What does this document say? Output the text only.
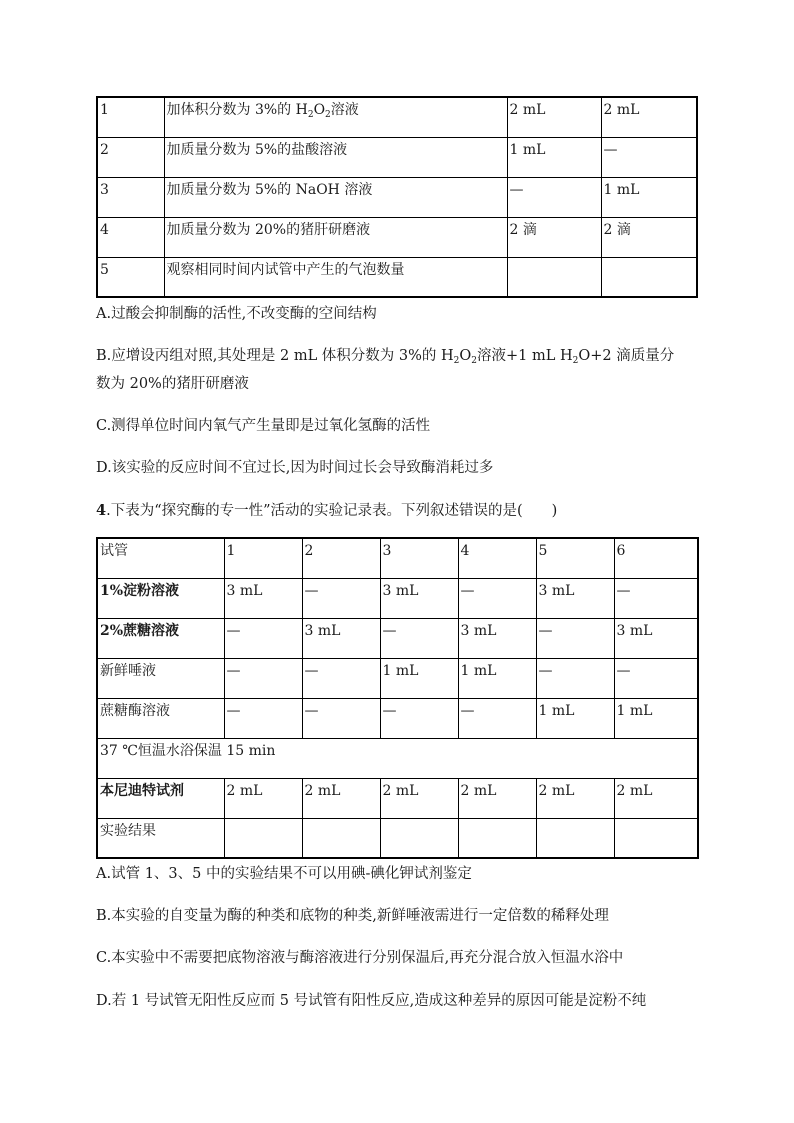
1	加体积分数为 3%的 $H_2O_2$溶液	2 mL	2 mL
2	加质量分数为 5%的盐酸溶液	1 mL	—
3	加质量分数为 5%的 NaOH 溶液	—	1 mL
4	加质量分数为 20%的猪肝研磨液	2 滴	2 滴
5	观察相同时间内试管中产生的气泡数量		
A.过酸会抑制酶的活性,不改变酶的空间结构
B.应增设丙组对照,其处理是 2 mL 体积分数为 3%的 $H_2O_2$溶液+1 mL $H_2O+2$ 滴质量分
数为 20%的猪肝研磨液
C.测得单位时间内氧气产生量即是过氧化氢酶的活性
D.该实验的反应时间不宜过长,因为时间过长会导致酶消耗过多
4.下表为“探究酶的专一性”活动的实验记录表。下列叙述错误的是(　　)
试管	1	2	3	4	5	6
1%淀粉溶液	3 mL	—	3 mL	—	3 mL	—
2%蔗糖溶液	—	3 mL	—	3 mL	—	3 mL
新鲜唾液	—	—	1 mL	1 mL	—	—
蔗糖酶溶液	—	—	—	—	1 mL	1 mL
37 ℃恒温水浴保温 15 min						
本尼迪特试剂	2 mL	2 mL	2 mL	2 mL	2 mL	2 mL
实验结果						
A.试管 1、3、5 中的实验结果不可以用碘-碘化钾试剂鉴定
B.本实验的自变量为酶的种类和底物的种类,新鲜唾液需进行一定倍数的稀释处理
C.本实验中不需要把底物溶液与酶溶液进行分别保温后,再充分混合放入恒温水浴中
D.若 1 号试管无阳性反应而 5 号试管有阳性反应,造成这种差异的原因可能是淀粉不纯
